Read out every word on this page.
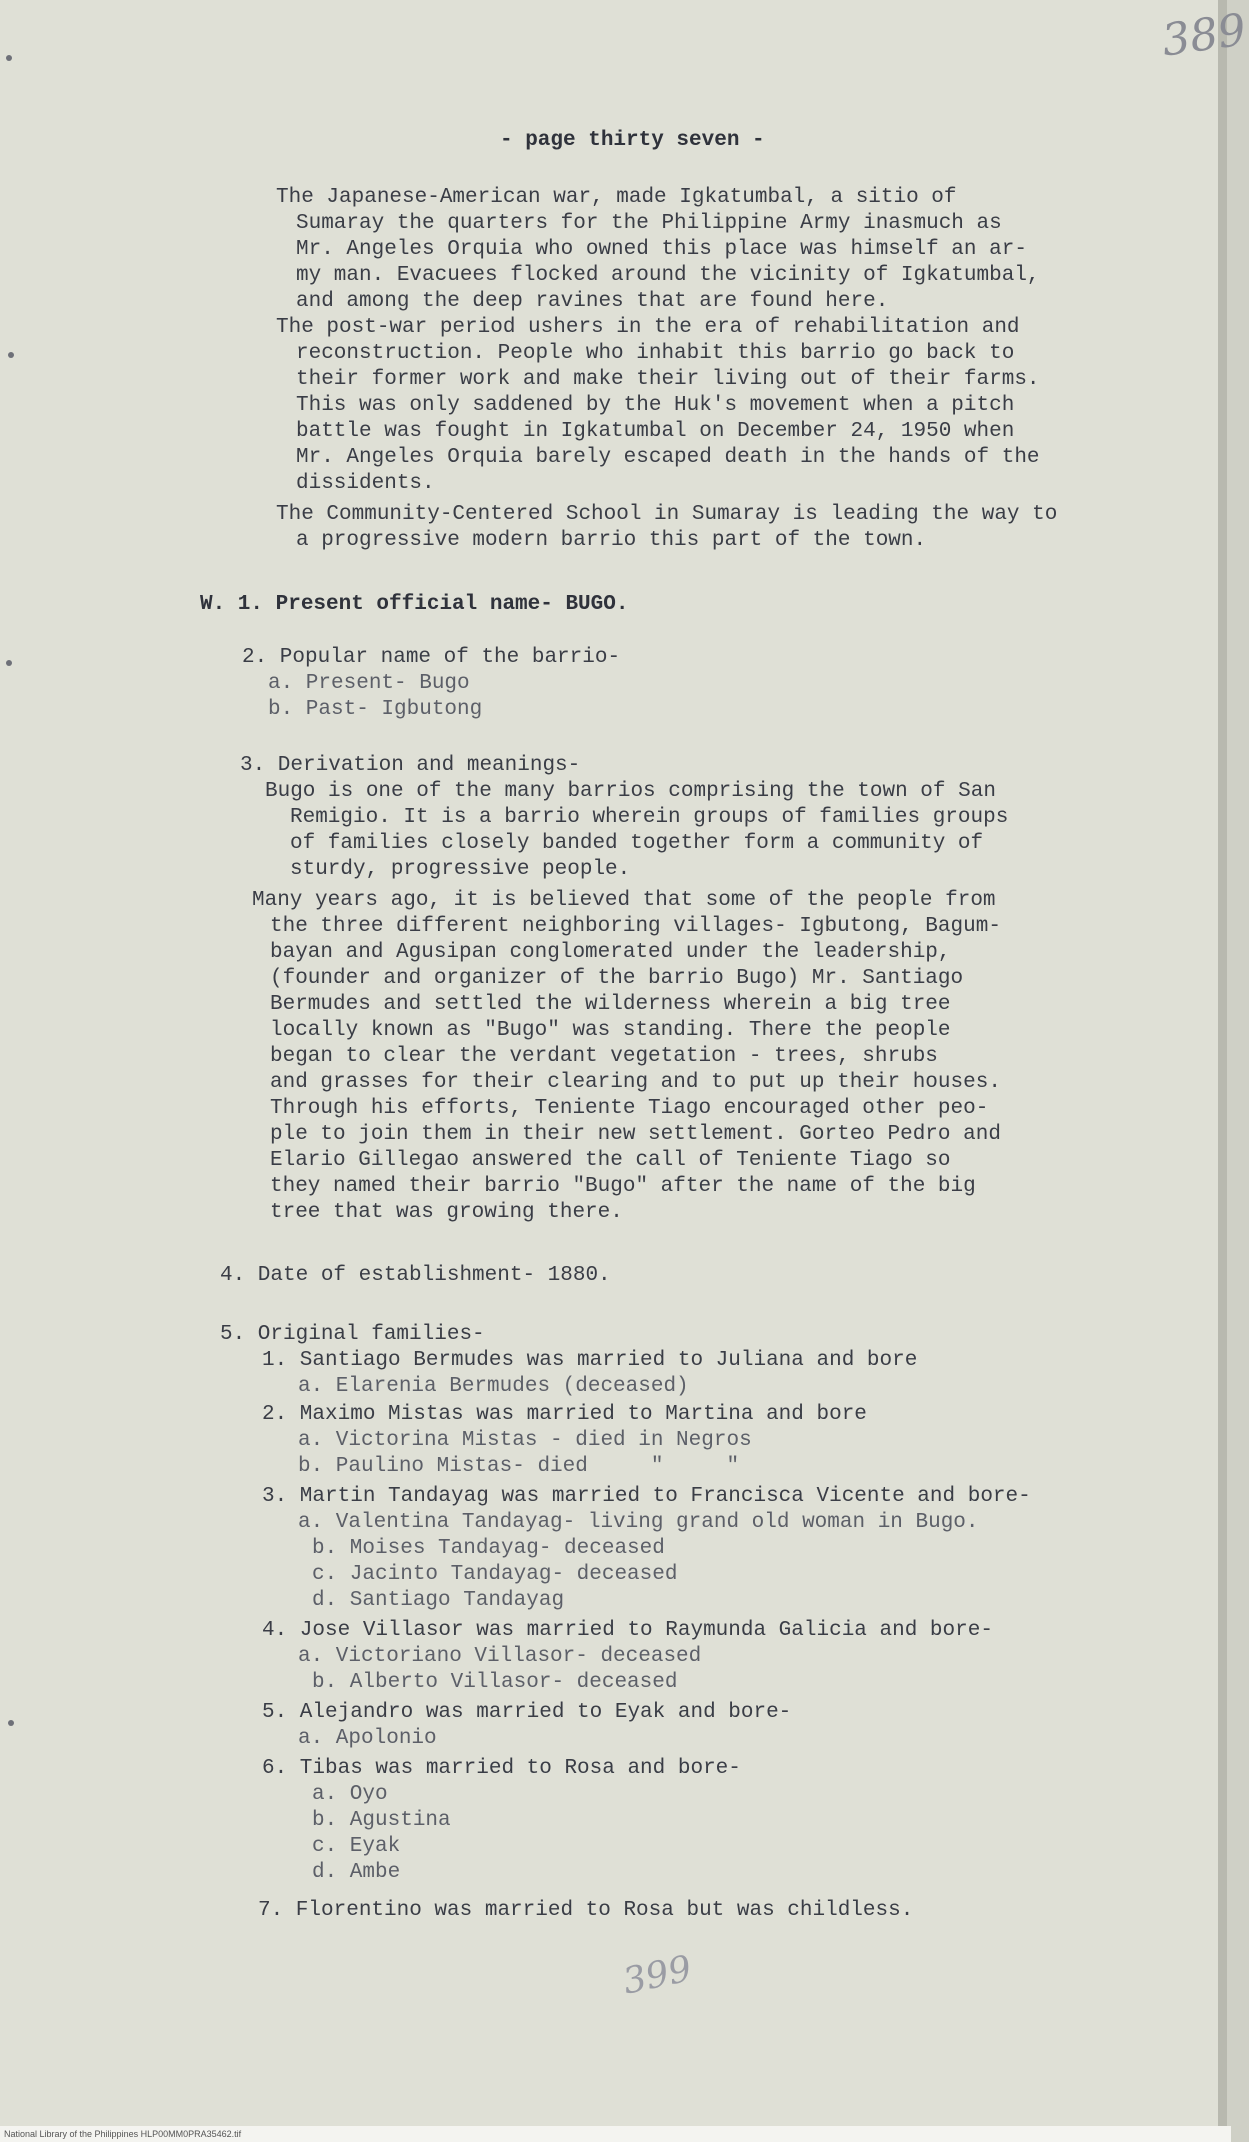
389
399
- page thirty seven -
The Japanese-American war, made Igkatumbal, a sitio of
Sumaray the quarters for the Philippine Army inasmuch as
Mr. Angeles Orquia who owned this place was himself an ar-
my man. Evacuees flocked around the vicinity of Igkatumbal,
and among the deep ravines that are found here.
The post-war period ushers in the era of rehabilitation and
reconstruction. People who inhabit this barrio go back to
their former work and make their living out of their farms.
This was only saddened by the Huk's movement when a pitch
battle was fought in Igkatumbal on December 24, 1950 when
Mr. Angeles Orquia barely escaped death in the hands of the
dissidents.
The Community-Centered School in Sumaray is leading the way to
a progressive modern barrio this part of the town.
W. 1. Present official name- BUGO.
2. Popular name of the barrio-
a. Present- Bugo
b. Past- Igbutong
3. Derivation and meanings-
Bugo is one of the many barrios comprising the town of San
Remigio. It is a barrio wherein groups of families groups
of families closely banded together form a community of
sturdy, progressive people.
Many years ago, it is believed that some of the people from
the three different neighboring villages- Igbutong, Bagum-
bayan and Agusipan conglomerated under the leadership,
(founder and organizer of the barrio Bugo) Mr. Santiago
Bermudes and settled the wilderness wherein a big tree
locally known as "Bugo" was standing. There the people
began to clear the verdant vegetation - trees, shrubs
and grasses for their clearing and to put up their houses.
Through his efforts, Teniente Tiago encouraged other peo-
ple to join them in their new settlement. Gorteo Pedro and
Elario Gillegao answered the call of Teniente Tiago so
they named their barrio "Bugo" after the name of the big
tree that was growing there.
4. Date of establishment- 1880.
5. Original families-
1. Santiago Bermudes was married to Juliana and bore
a. Elarenia Bermudes (deceased)
2. Maximo Mistas was married to Martina and bore
a. Victorina Mistas - died in Negros
b. Paulino Mistas- died     "     "
3. Martin Tandayag was married to Francisca Vicente and bore-
a. Valentina Tandayag- living grand old woman in Bugo.
b. Moises Tandayag- deceased
c. Jacinto Tandayag- deceased
d. Santiago Tandayag
4. Jose Villasor was married to Raymunda Galicia and bore-
a. Victoriano Villasor- deceased
b. Alberto Villasor- deceased
5. Alejandro was married to Eyak and bore-
a. Apolonio
6. Tibas was married to Rosa and bore-
a. Oyo
b. Agustina
c. Eyak
d. Ambe
7. Florentino was married to Rosa but was childless.
National Library of the Philippines HLP00MM0PRA35462.tif
